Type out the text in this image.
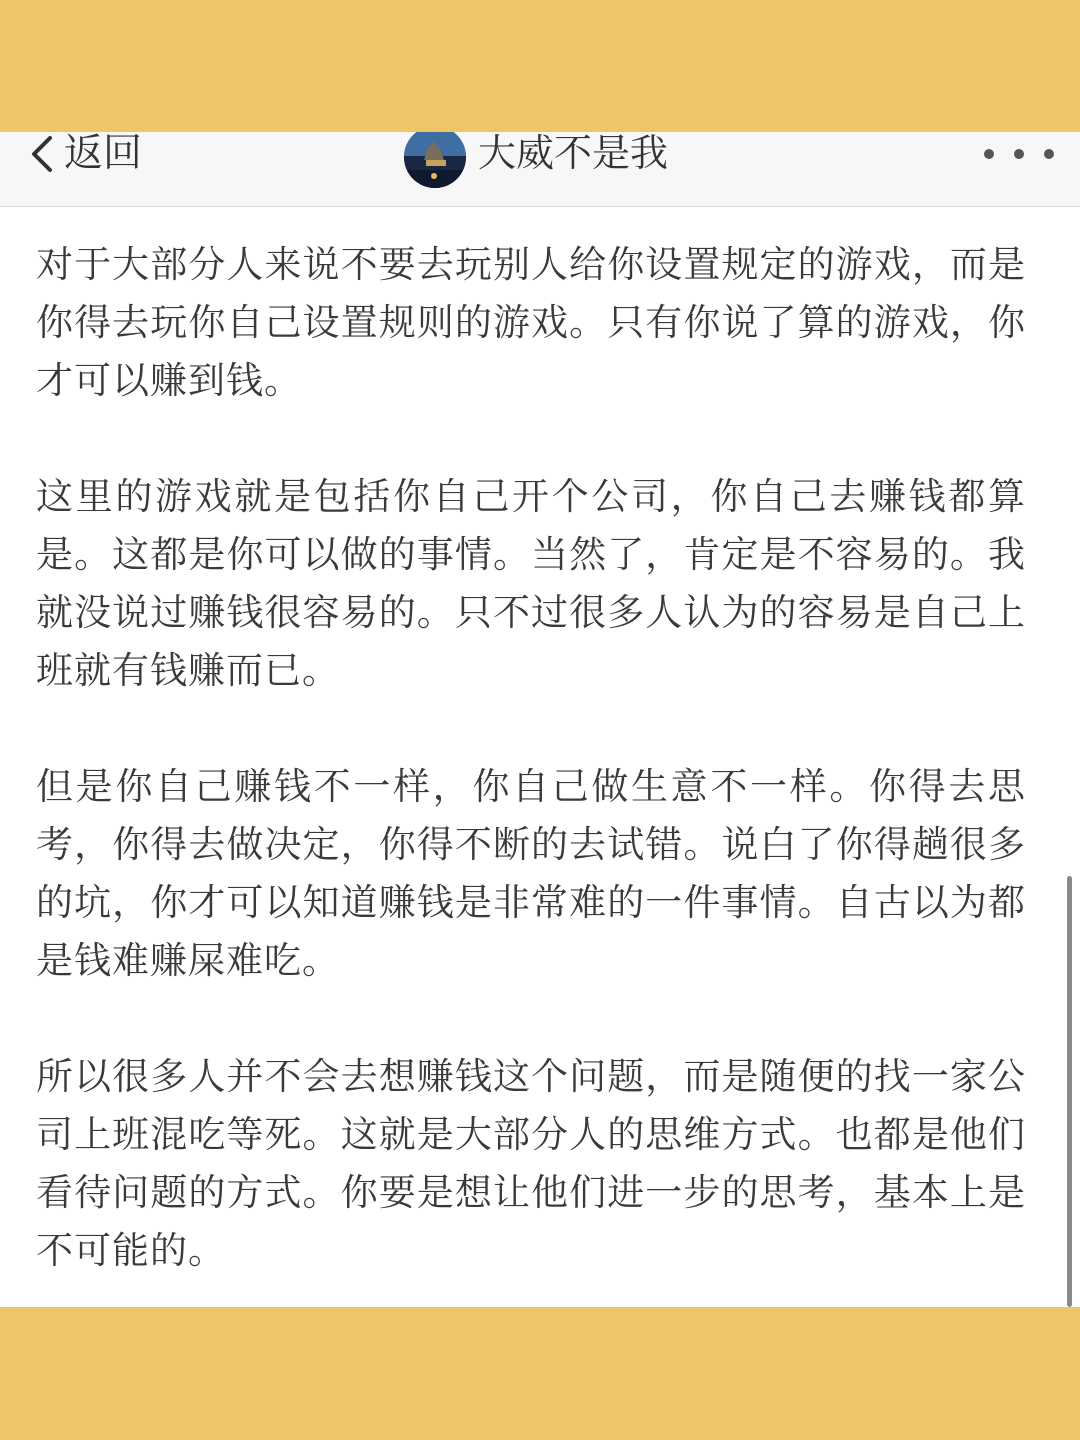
返回	大威不是我

对于大部分人来说不要去玩别人给你设置规定的游戏，而是你得去玩你自己设置规则的游戏。只有你说了算的游戏，你才可以赚到钱。

这里的游戏就是包括你自己开个公司，你自己去赚钱都算是。这都是你可以做的事情。当然了，肯定是不容易的。我就没说过赚钱很容易的。只不过很多人认为的容易是自己上班就有钱赚而已。

但是你自己赚钱不一样，你自己做生意不一样。你得去思考，你得去做决定，你得不断的去试错。说白了你得趟很多的坑，你才可以知道赚钱是非常难的一件事情。自古以为都是钱难赚屎难吃。

所以很多人并不会去想赚钱这个问题，而是随便的找一家公司上班混吃等死。这就是大部分人的思维方式。也都是他们看待问题的方式。你要是想让他们进一步的思考，基本上是不可能的。
